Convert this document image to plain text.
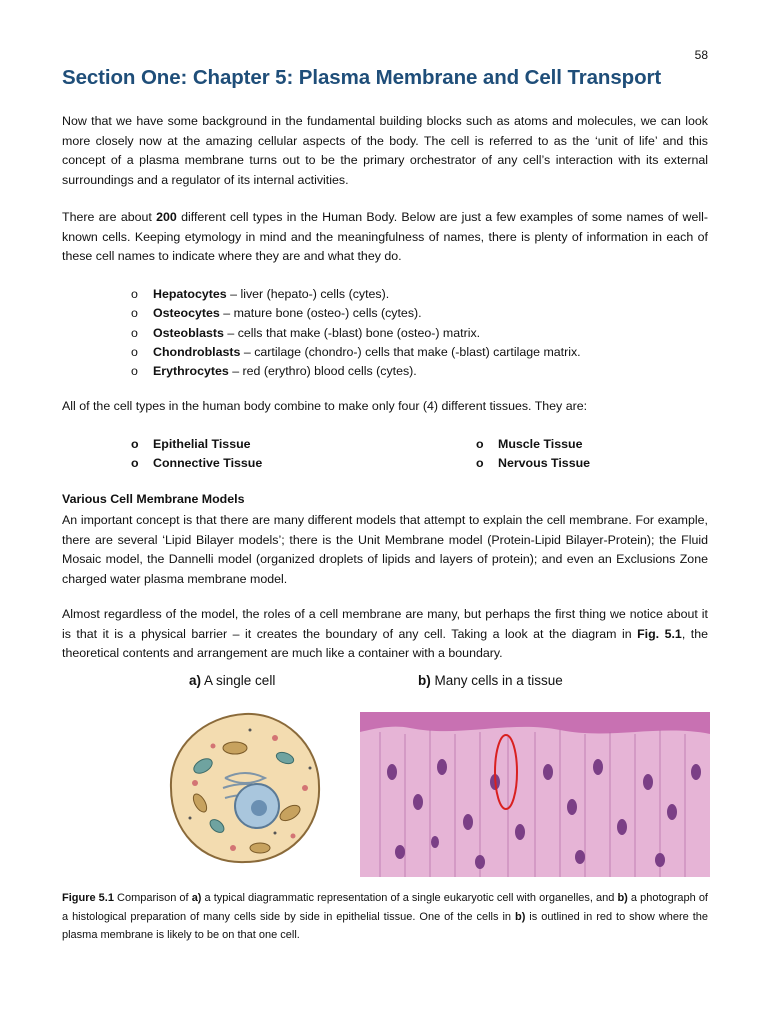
58
Section One: Chapter 5: Plasma Membrane and Cell Transport

Now that we have some background in the fundamental building blocks such as atoms and molecules, we can look more closely now at the amazing cellular aspects of the body. The cell is referred to as the ‘unit of life’ and this concept of a plasma membrane turns out to be the primary orchestrator of any cell’s interaction with its external surroundings and a regulator of its internal activities.

There are about 200 different cell types in the Human Body. Below are just a few examples of some names of well-known cells. Keeping etymology in mind and the meaningfulness of names, there is plenty of information in each of these cell names to indicate where they are and what they do.

o Hepatocytes – liver (hepato-) cells (cytes).
o Osteocytes – mature bone (osteo-) cells (cytes).
o Osteoblasts – cells that make (-blast) bone (osteo-) matrix.
o Chondroblasts – cartilage (chondro-) cells that make (-blast) cartilage matrix.
o Erythrocytes – red (erythro) blood cells (cytes).

All of the cell types in the human body combine to make only four (4) different tissues. They are:

o Epithelial Tissue
o Connective Tissue
o Muscle Tissue
o Nervous Tissue
Various Cell Membrane Models

An important concept is that there are many different models that attempt to explain the cell membrane. For example, there are several ‘Lipid Bilayer models’; there is the Unit Membrane model (Protein-Lipid Bilayer-Protein); the Fluid Mosaic model, the Dannelli model (organized droplets of lipids and layers of protein); and even an Exclusions Zone charged water plasma membrane model.

Almost regardless of the model, the roles of a cell membrane are many, but perhaps the first thing we notice about it is that it is a physical barrier – it creates the boundary of any cell. Taking a look at the diagram in Fig. 5.1, the theoretical contents and arrangement are much like a container with a boundary.

a) A single cell	b) Many cells in a tissue
Figure 5.1 Comparison of a) a typical diagrammatic representation of a single eukaryotic cell with organelles, and b) a photograph of a histological preparation of many cells side by side in epithelial tissue. One of the cells in b) is outlined in red to show where the plasma membrane is likely to be on that one cell.
